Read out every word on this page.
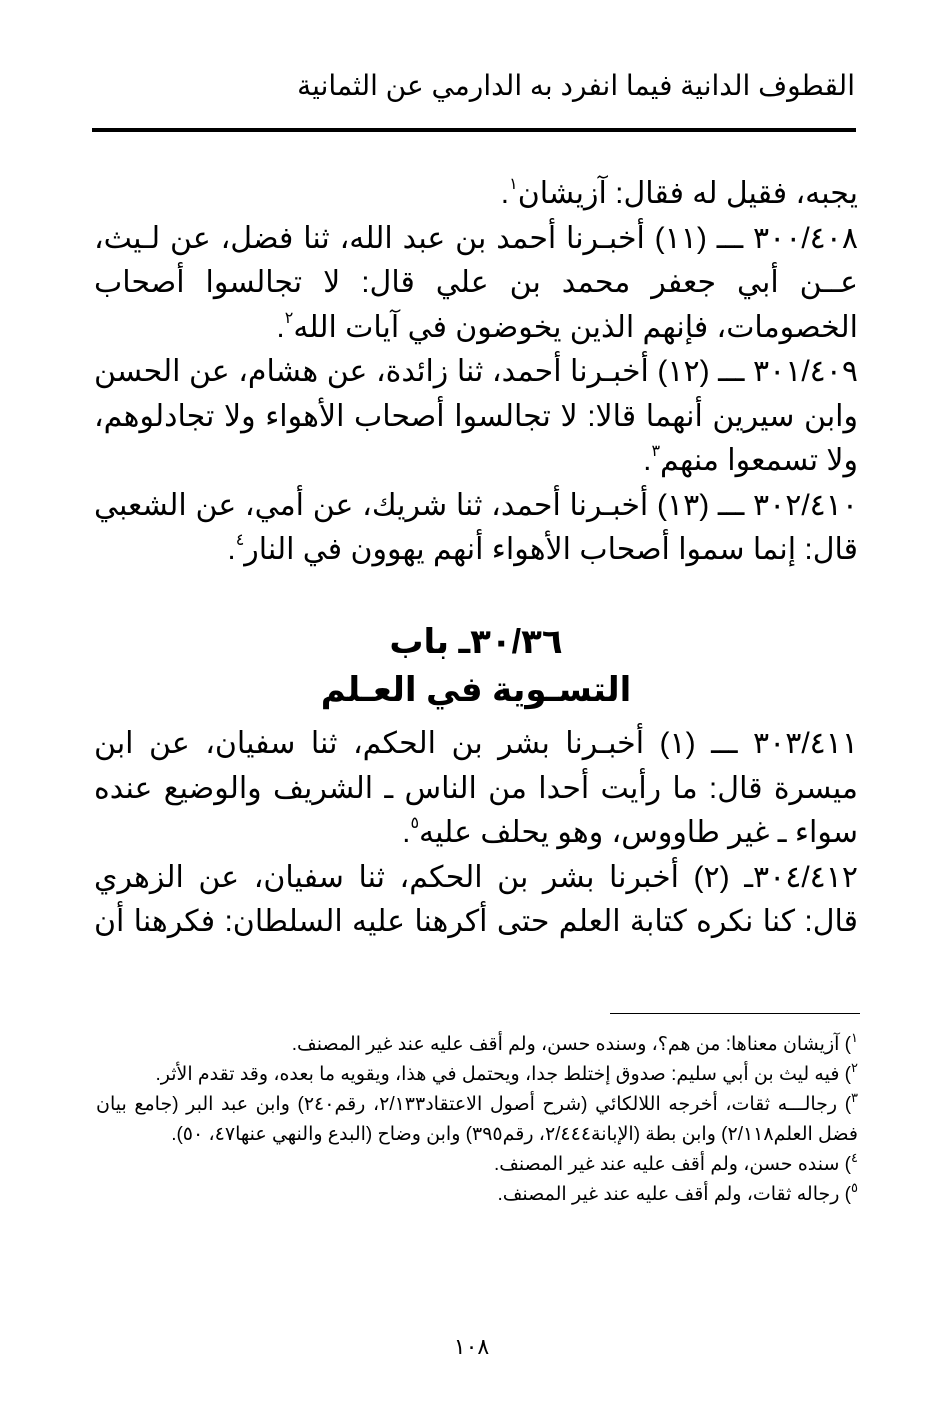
القطوف الدانية فيما انفرد به الدارمي عن الثمانية

يجبه، فقيل له فقال: آزيشان$^١$.

٣٠٠/٤٠٨ ـــ (١١) أخبـرنا أحمد بن عبد الله، ثنا فضل، عن لـيث، عــن أبي جعفر محمد بن علي قال: لا تجالسوا أصحاب الخصومات، فإنهم الذين يخوضون في آيات الله$^٢$.

٣٠١/٤٠٩ ـــ (١٢) أخبـرنا أحمد، ثنا زائدة، عن هشام، عن الحسن وابن سيرين أنهما قالا: لا تجالسوا أصحاب الأهواء ولا تجادلوهم، ولا تسمعوا منهم$^٣$.

٣٠٢/٤١٠ ـــ (١٣) أخبـرنا أحمد، ثنا شريك، عن أمي، عن الشعبي قال: إنما سموا أصحاب الأهواء أنهم يهوون في النار$^٤$.

٣٠/٣٦ـ باب
التسـوية في العـلم

٣٠٣/٤١١ ـــ (١) أخبـرنا بشر بن الحكم، ثنا سفيان، عن ابن ميسرة قال: ما رأيت أحدا من الناس ـ الشريف والوضيع عنده سواء ـ غير طاووس، وهو يحلف عليه$^٥$.

٣٠٤/٤١٢ـ (٢) أخبرنا بشر بن الحكم، ثنا سفيان، عن الزهري قال: كنا نكره كتابة العلم حتى أكرهنا عليه السلطان: فكرهنا أن

$^١$) آزيشان معناها: من هم؟، وسنده حسن، ولم أقف عليه عند غير المصنف.

$^٢$) فيه ليث بن أبي سليم: صدوق إختلط جدا، ويحتمل في هذا، ويقويه ما بعده، وقد تقدم الأثر.

$^٣$) رجالـــه ثقات، أخرجه اللالكائي (شرح أصول الاعتقاد٢/١٣٣، رقم٢٤٠) وابن عبد البر (جامع بيان فضل العلم٢/١١٨) وابن بطة (الإبانة٢/٤٤٤، رقم٣٩٥) وابن وضاح (البدع والنهي عنها٤٧، ٥٠).

$^٤$) سنده حسن، ولم أقف عليه عند غير المصنف.

$^٥$) رجاله ثقات، ولم أقف عليه عند غير المصنف.

١٠٨
